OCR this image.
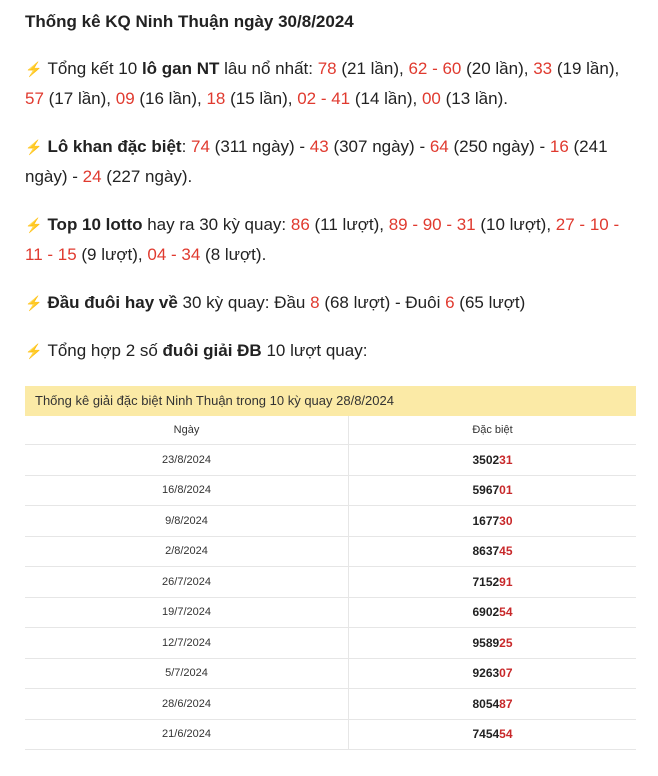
Thống kê KQ Ninh Thuận ngày 30/8/2024

⚡ Tổng kết 10 lô gan NT lâu nổ nhất: 78 (21 lần), 62 - 60 (20 lần), 33 (19 lần), 57 (17 lần), 09 (16 lần), 18 (15 lần), 02 - 41 (14 lần), 00 (13 lần).

⚡ Lô khan đặc biệt: 74 (311 ngày) - 43 (307 ngày) - 64 (250 ngày) - 16 (241 ngày) - 24 (227 ngày).

⚡ Top 10 lotto hay ra 30 kỳ quay: 86 (11 lượt), 89 - 90 - 31 (10 lượt), 27 - 10 - 11 - 15 (9 lượt), 04 - 34 (8 lượt).

⚡ Đầu đuôi hay về 30 kỳ quay: Đầu 8 (68 lượt) - Đuôi 6 (65 lượt)

⚡ Tổng hợp 2 số đuôi giải ĐB 10 lượt quay:

Thống kê giải đặc biệt Ninh Thuận trong 10 kỳ quay 28/8/2024
Ngày	Đặc biệt
23/8/2024	350231
16/8/2024	596701
9/8/2024	167730
2/8/2024	863745
26/7/2024	715291
19/7/2024	690254
12/7/2024	958925
5/7/2024	926307
28/6/2024	805487
21/6/2024	745454
